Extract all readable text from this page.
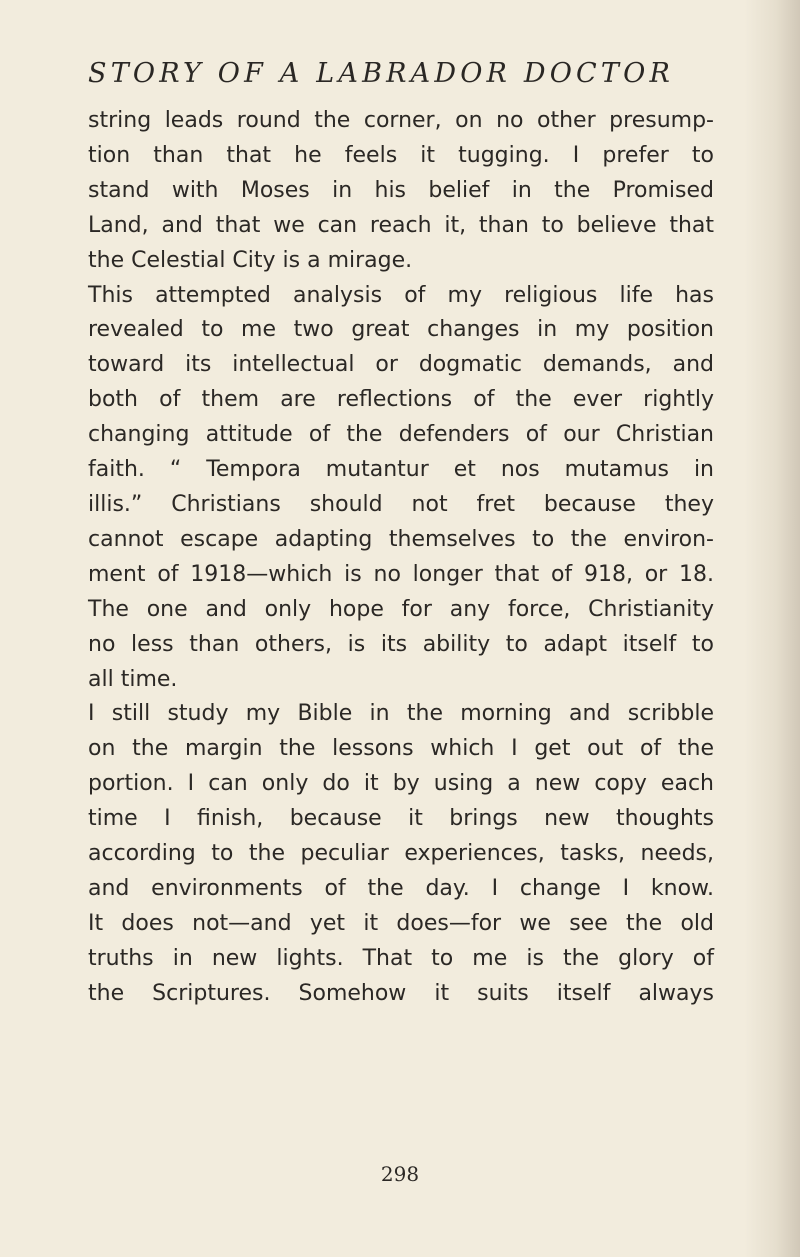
STORY OF A LABRADOR DOCTOR
string leads round the corner, on no other presump-
tion than that he feels it tugging. I prefer to
stand with Moses in his belief in the Promised
Land, and that we can reach it, than to believe that
the Celestial City is a mirage.
This attempted analysis of my religious life has
revealed to me two great changes in my position
toward its intellectual or dogmatic demands, and
both of them are reflections of the ever rightly
changing attitude of the defenders of our Christian
faith. “ Tempora mutantur et nos mutamus in
illis.” Christians should not fret because they
cannot escape adapting themselves to the environ-
ment of 1918—which is no longer that of 918, or 18.
The one and only hope for any force, Christianity
no less than others, is its ability to adapt itself to
all time.
I still study my Bible in the morning and scribble
on the margin the lessons which I get out of the
portion. I can only do it by using a new copy each
time I finish, because it brings new thoughts
according to the peculiar experiences, tasks, needs,
and environments of the day. I change I know.
It does not—and yet it does—for we see the old
truths in new lights. That to me is the glory of
the Scriptures. Somehow it suits itself always
298
